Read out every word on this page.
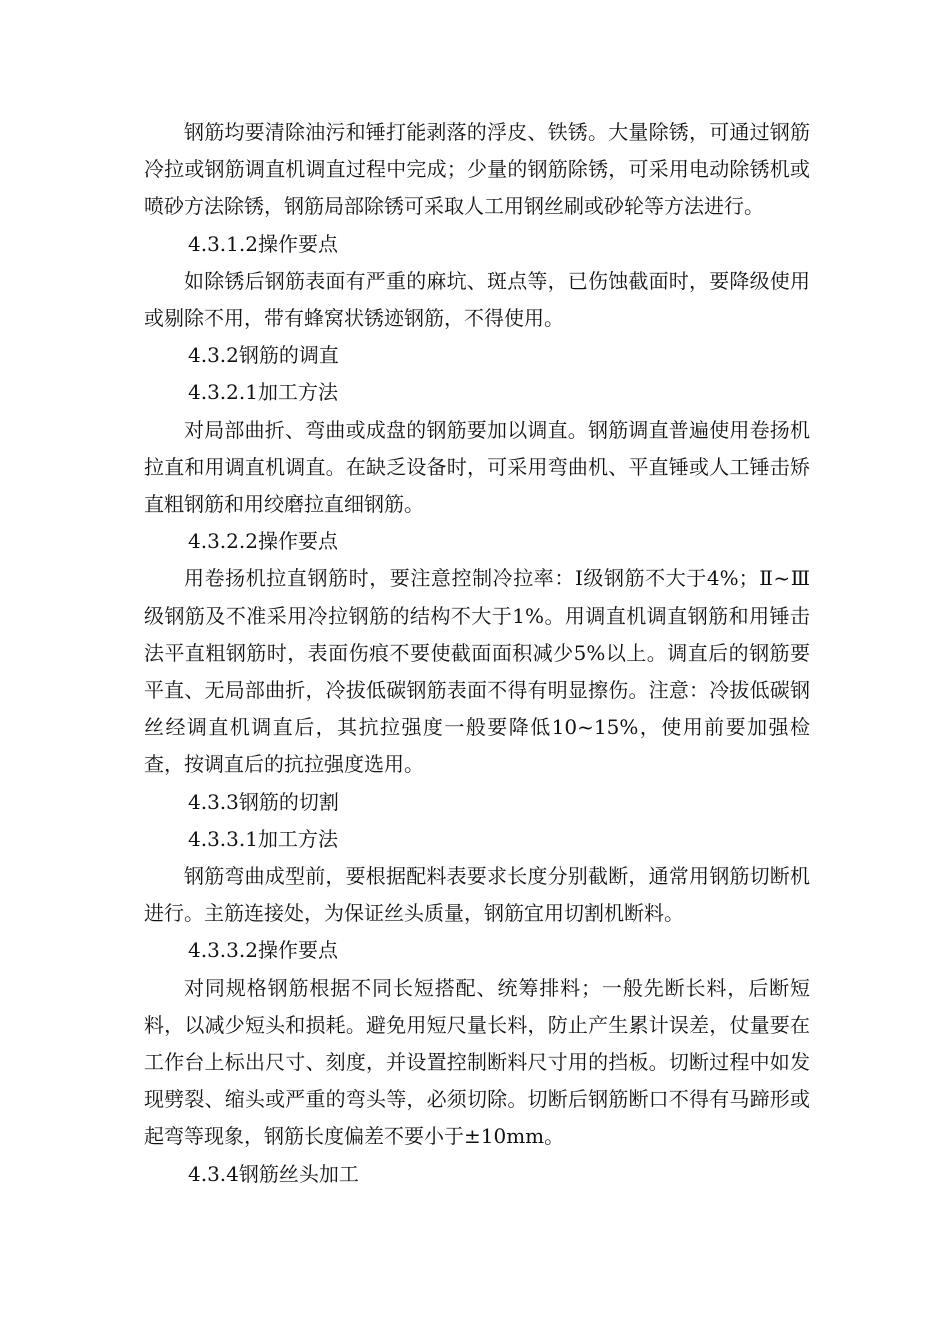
钢筋均要清除油污和锤打能剥落的浮皮、铁锈。大量除锈，可通过钢筋冷拉或钢筋调直机调直过程中完成；少量的钢筋除锈，可采用电动除锈机或喷砂方法除锈，钢筋局部除锈可采取人工用钢丝刷或砂轮等方法进行。

4.3.1.2操作要点

如除锈后钢筋表面有严重的麻坑、斑点等，已伤蚀截面时，要降级使用或剔除不用，带有蜂窝状锈迹钢筋，不得使用。

4.3.2钢筋的调直

4.3.2.1加工方法

对局部曲折、弯曲或成盘的钢筋要加以调直。钢筋调直普遍使用卷扬机拉直和用调直机调直。在缺乏设备时，可采用弯曲机、平直锤或人工锤击矫直粗钢筋和用绞磨拉直细钢筋。

4.3.2.2操作要点

用卷扬机拉直钢筋时，要注意控制冷拉率：Ⅰ级钢筋不大于4%；Ⅱ~Ⅲ级钢筋及不准采用冷拉钢筋的结构不大于1%。用调直机调直钢筋和用锤击法平直粗钢筋时，表面伤痕不要使截面面积减少5%以上。调直后的钢筋要平直、无局部曲折，冷拔低碳钢筋表面不得有明显擦伤。注意：冷拔低碳钢丝经调直机调直后，其抗拉强度一般要降低10~15%，使用前要加强检查，按调直后的抗拉强度选用。

4.3.3钢筋的切割

4.3.3.1加工方法

钢筋弯曲成型前，要根据配料表要求长度分别截断，通常用钢筋切断机进行。主筋连接处，为保证丝头质量，钢筋宜用切割机断料。

4.3.3.2操作要点

对同规格钢筋根据不同长短搭配、统筹排料；一般先断长料，后断短料，以减少短头和损耗。避免用短尺量长料，防止产生累计误差，仗量要在工作台上标出尺寸、刻度，并设置控制断料尺寸用的挡板。切断过程中如发现劈裂、缩头或严重的弯头等，必须切除。切断后钢筋断口不得有马蹄形或起弯等现象，钢筋长度偏差不要小于±10mm。

4.3.4钢筋丝头加工
